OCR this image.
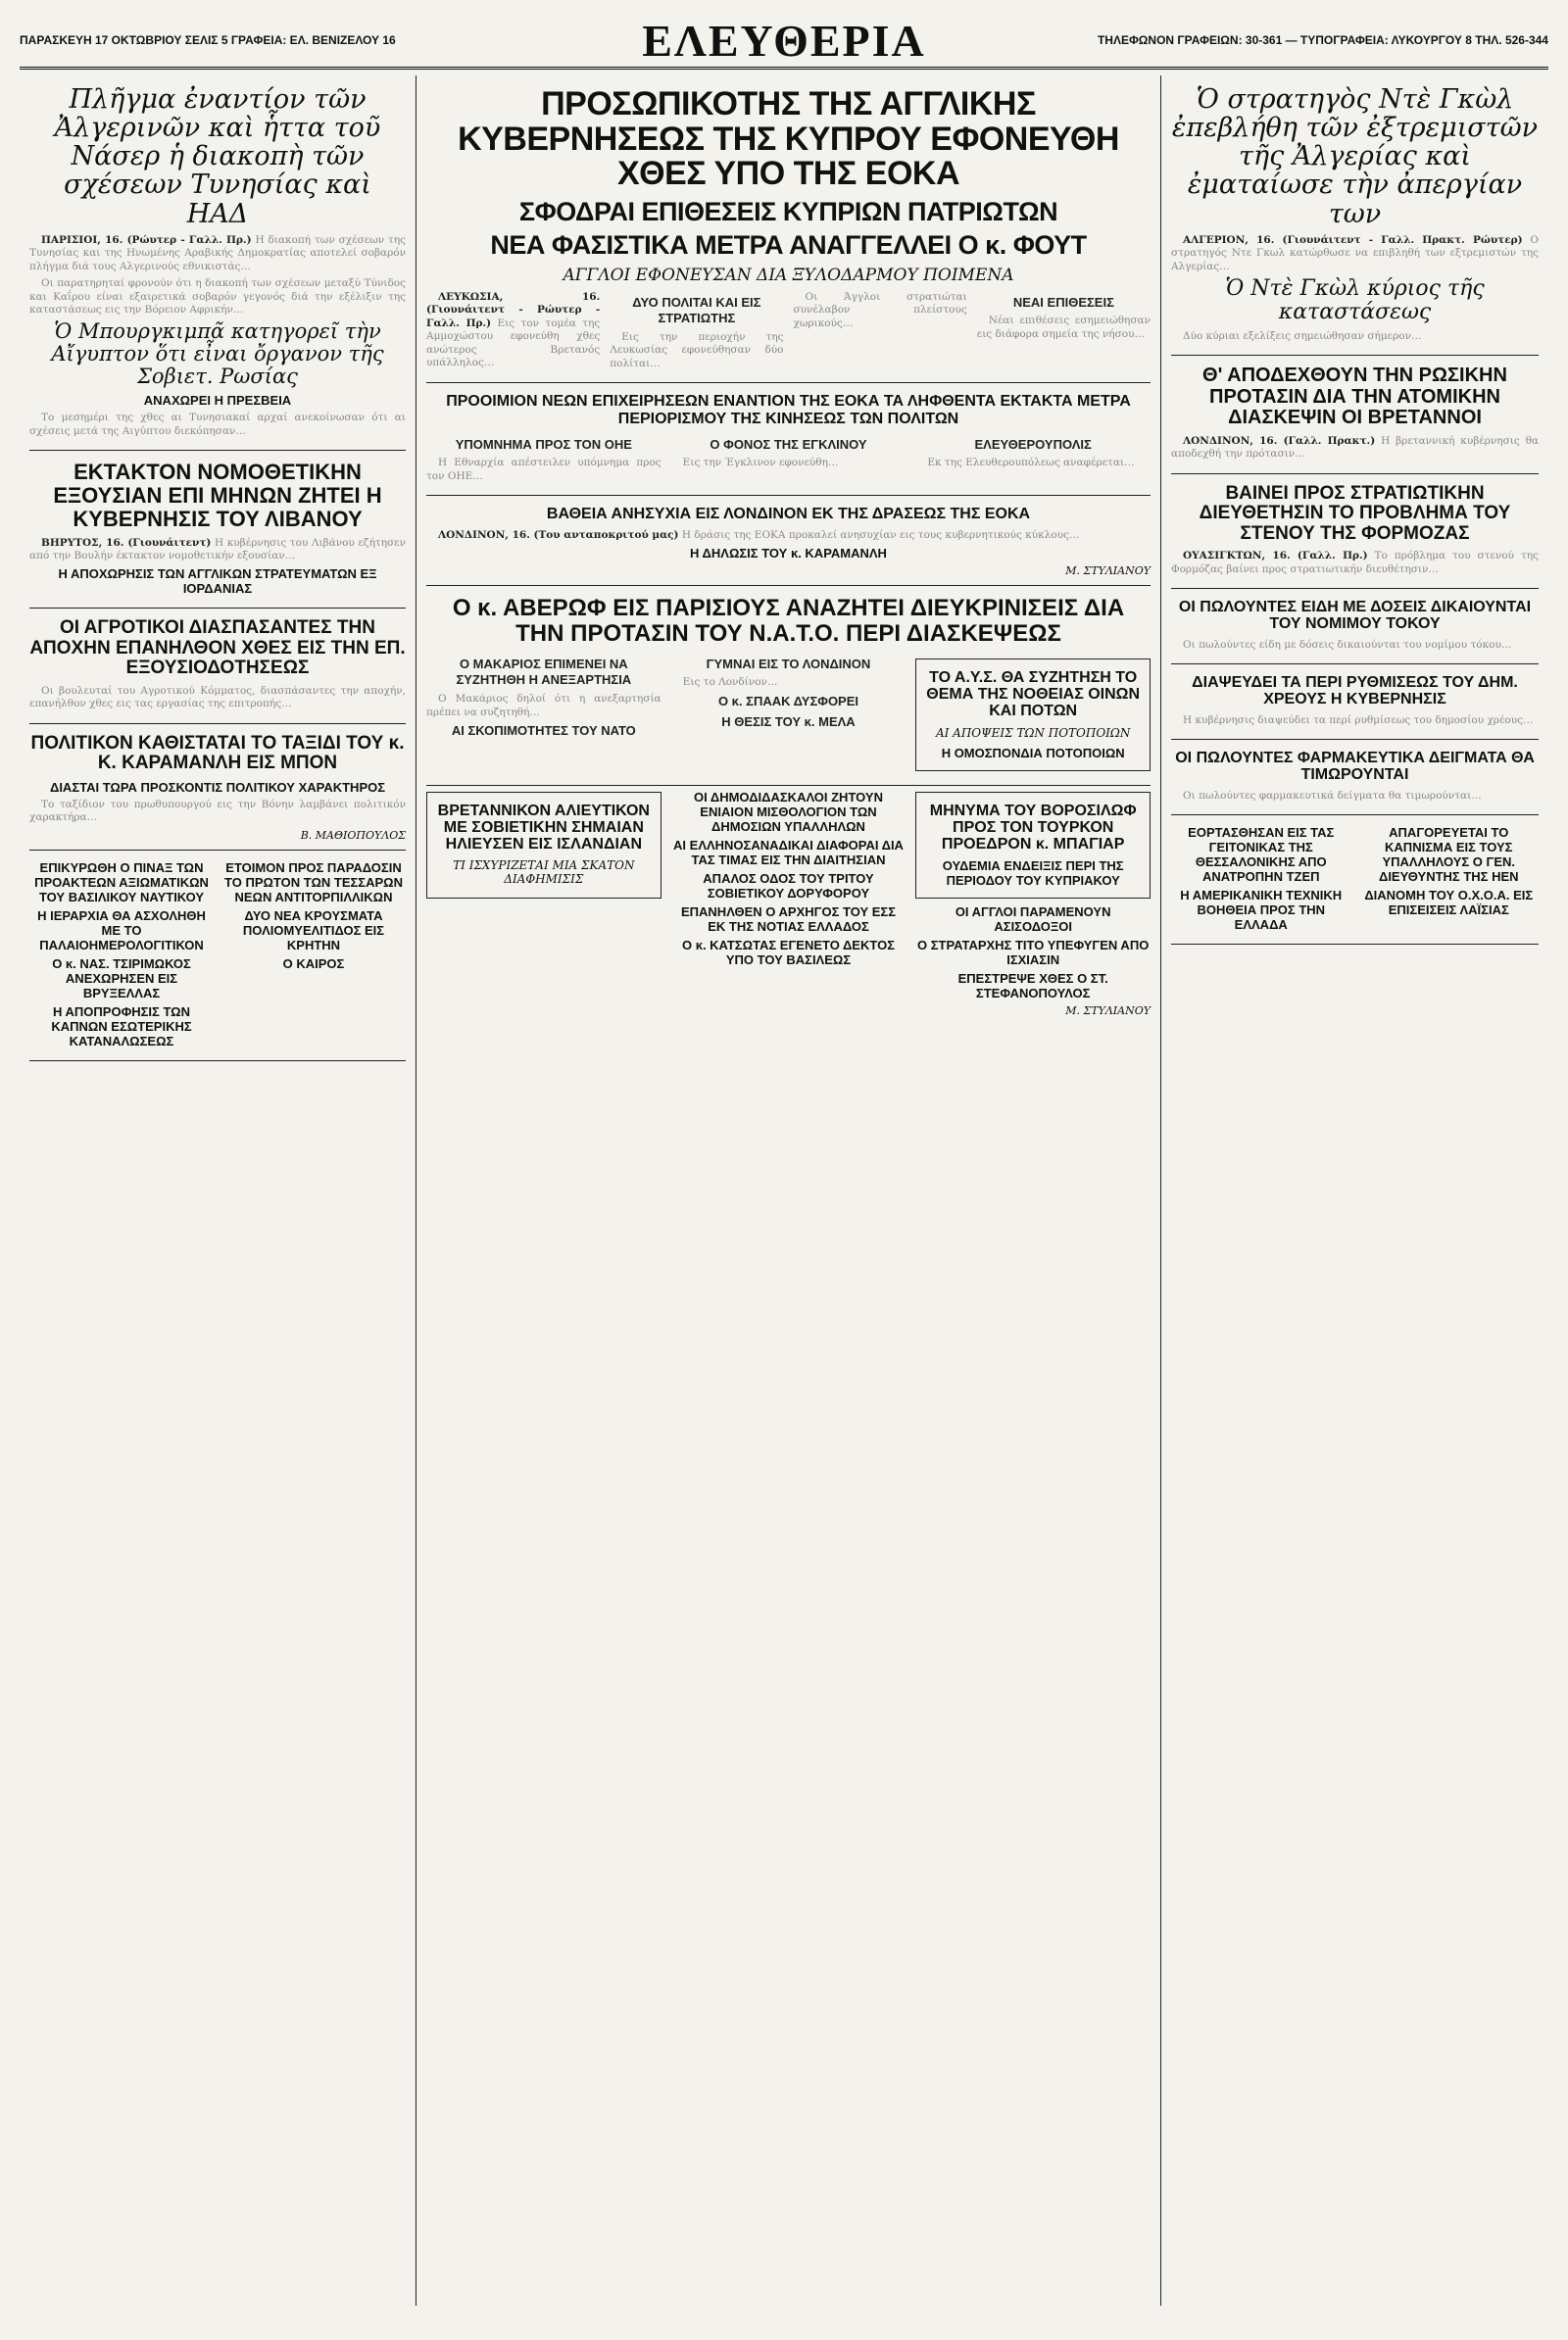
ΠΑΡΑΣΚΕΥΗ 17 ΟΚΤΩΒΡΙΟΥ ΣΕΛΙΣ 5 ΓΡΑΦΕΙΑ: ΕΛ. ΒΕΝΙΖΕΛΟΥ 16	ΕΛΕΥΘΕΡΙΑ	ΤΗΛΕΦΩΝΟΝ ΓΡΑΦΕΙΩΝ: 30-361 — ΤΥΠΟΓΡΑΦΕΙΑ: ΛΥΚΟΥΡΓΟΥ 8 ΤΗΛ. 526-344
Πλῆγμα ἐναντίον τῶν Ἀλγερινῶν καὶ ἧττα τοῦ Νάσερ ἡ διακοπὴ τῶν σχέσεων Τυνησίας καὶ ΗΑΔ

ΠΑΡΙΣΙΟΙ, 16. (Ρώυτερ - Γαλλ. Πρ.) Η διακοπή των σχέσεων της Τυνησίας και της Ηνωμένης Αραβικής Δημοκρατίας αποτελεί σοβαρόν πλήγμα διά τους Αλγερινούς εθνικιστάς…

Οι παρατηρηταί φρονούν ότι η διακοπή των σχέσεων μεταξύ Τύνιδος και Καΐρου είναι εξαιρετικά σοβαρόν γεγονός διά την εξέλιξιν της καταστάσεως εις την Βόρειον Αφρικήν…

Ὁ Μπουργκιμπᾶ κατηγορεῖ τὴν Αἴγυπτον ὅτι εἶναι ὄργανον τῆς Σοβιετ. Ρωσίας
ΑΝΑΧΩΡΕΙ Η ΠΡΕΣΒΕΙΑ

Το μεσημέρι της χθες αι Τυνησιακαί αρχαί ανεκοίνωσαν ότι αι σχέσεις μετά της Αιγύπτου διεκόπησαν…

ΕΚΤΑΚΤΟΝ ΝΟΜΟΘΕΤΙΚΗΝ ΕΞΟΥΣΙΑΝ ΕΠΙ ΜΗΝΩΝ ΖΗΤΕΙ Η ΚΥΒΕΡΝΗΣΙΣ ΤΟΥ ΛΙΒΑΝΟΥ

ΒΗΡΥΤΟΣ, 16. (Γιουνάιτεντ) Η κυβέρνησις του Λιβάνου εζήτησεν από την Βουλήν έκτακτον νομοθετικήν εξουσίαν…

Η ΑΠΟΧΩΡΗΣΙΣ ΤΩΝ ΑΓΓΛΙΚΩΝ ΣΤΡΑΤΕΥΜΑΤΩΝ ΕΞ ΙΟΡΔΑΝΙΑΣ
ΟΙ ΑΓΡΟΤΙΚΟΙ ΔΙΑΣΠΑΣΑΝΤΕΣ ΤΗΝ ΑΠΟΧΗΝ ΕΠΑΝΗΛΘΟΝ ΧΘΕΣ ΕΙΣ ΤΗΝ ΕΠ. ΕΞΟΥΣΙΟΔΟΤΗΣΕΩΣ

Οι βουλευταί του Αγροτικού Κόμματος, διασπάσαντες την αποχήν, επανήλθον χθες εις τας εργασίας της επιτροπής…

ΠΟΛΙΤΙΚΟΝ ΚΑΘΙΣΤΑΤΑΙ ΤΟ ΤΑΞΙΔΙ ΤΟΥ κ. Κ. ΚΑΡΑΜΑΝΛΗ ΕΙΣ ΜΠΟΝ
ΔΙΑΣΤΑΙ ΤΩΡΑ ΠΡΟΣΚΟΝΤΙΣ ΠΟΛΙΤΙΚΟΥ ΧΑΡΑΚΤΗΡΟΣ

Το ταξίδιον του πρωθυπουργού εις την Βόνην λαμβάνει πολιτικόν χαρακτήρα…

Β. ΜΑΘΙΟΠΟΥΛΟΣ
ΕΠΙΚΥΡΩΘΗ Ο ΠΙΝΑΞ ΤΩΝ ΠΡΟΑΚΤΕΩΝ ΑΞΙΩΜΑΤΙΚΩΝ ΤΟΥ ΒΑΣΙΛΙΚΟΥ ΝΑΥΤΙΚΟΥ
Η ΙΕΡΑΡΧΙΑ ΘΑ ΑΣΧΟΛΗΘΗ ΜΕ ΤΟ ΠΑΛΑΙΟΗΜΕΡΟΛΟΓΙΤΙΚΟΝ
Ο κ. ΝΑΣ. ΤΣΙΡΙΜΩΚΟΣ ΑΝΕΧΩΡΗΣΕΝ ΕΙΣ ΒΡΥΞΕΛΛΑΣ
Η ΑΠΟΠΡΟΦΗΣΙΣ ΤΩΝ ΚΑΠΝΩΝ ΕΣΩΤΕΡΙΚΗΣ ΚΑΤΑΝΑΛΩΣΕΩΣ
ΕΤΟΙΜΟΝ ΠΡΟΣ ΠΑΡΑΔΟΣΙΝ ΤΟ ΠΡΩΤΟΝ ΤΩΝ ΤΕΣΣΑΡΩΝ ΝΕΩΝ ΑΝΤΙΤΟΡΠΙΛΛΙΚΩΝ
ΔΥΟ ΝΕΑ ΚΡΟΥΣΜΑΤΑ ΠΟΛΙΟΜΥΕΛΙΤΙΔΟΣ ΕΙΣ ΚΡΗΤΗΝ
Ο ΚΑΙΡΟΣ
ΠΡΟΣΩΠΙΚΟΤΗΣ ΤΗΣ ΑΓΓΛΙΚΗΣ ΚΥΒΕΡΝΗΣΕΩΣ ΤΗΣ ΚΥΠΡΟΥ ΕΦΟΝΕΥΘΗ ΧΘΕΣ ΥΠΟ ΤΗΣ ΕΟΚΑ
ΣΦΟΔΡΑΙ ΕΠΙΘΕΣΕΙΣ ΚΥΠΡΙΩΝ ΠΑΤΡΙΩΤΩΝ
ΝΕΑ ΦΑΣΙΣΤΙΚΑ ΜΕΤΡΑ ΑΝΑΓΓΕΛΛΕΙ Ο κ. ΦΟΥΤ
ΑΓΓΛΟΙ ΕΦΟΝΕΥΣΑΝ ΔΙΑ ΞΥΛΟΔΑΡΜΟΥ ΠΟΙΜΕΝΑ

ΛΕΥΚΩΣΙΑ, 16. (Γιουνάιτεντ - Ρώυτερ - Γαλλ. Πρ.) Εις τον τομέα της Αμμοχώστου εφονεύθη χθες ανώτερος Βρετανός υπάλληλος…

ΔΥΟ ΠΟΛΙΤΑΙ ΚΑΙ ΕΙΣ ΣΤΡΑΤΙΩΤΗΣ

Εις την περιοχήν της Λευκωσίας εφονεύθησαν δύο πολίται…

Οι Άγγλοι στρατιώται συνέλαβον πλείστους χωρικούς…

ΝΕΑΙ ΕΠΙΘΕΣΕΙΣ

Νέαι επιθέσεις εσημειώθησαν εις διάφορα σημεία της νήσου…

ΠΡΟΟΙΜΙΟΝ ΝΕΩΝ ΕΠΙΧΕΙΡΗΣΕΩΝ ΕΝΑΝΤΙΟΝ ΤΗΣ ΕΟΚΑ ΤΑ ΛΗΦΘΕΝΤΑ ΕΚΤΑΚΤΑ ΜΕΤΡΑ ΠΕΡΙΟΡΙΣΜΟΥ ΤΗΣ ΚΙΝΗΣΕΩΣ ΤΩΝ ΠΟΛΙΤΩΝ
ΥΠΟΜΝΗΜΑ ΠΡΟΣ ΤΟΝ ΟΗΕ

Η Εθναρχία απέστειλεν υπόμνημα προς τον ΟΗΕ…

Ο ΦΟΝΟΣ ΤΗΣ ΕΓΚΛΙΝΟΥ

Εις την Έγκλινον εφονεύθη…

ΕΛΕΥΘΕΡΟΥΠΟΛΙΣ

Εκ της Ελευθερουπόλεως αναφέρεται…

ΒΑΘΕΙΑ ΑΝΗΣΥΧΙΑ ΕΙΣ ΛΟΝΔΙΝΟΝ ΕΚ ΤΗΣ ΔΡΑΣΕΩΣ ΤΗΣ ΕΟΚΑ

ΛΟΝΔΙΝΟΝ, 16. (Του ανταποκριτού μας) Η δράσις της ΕΟΚΑ προκαλεί ανησυχίαν εις τους κυβερνητικούς κύκλους…

Η ΔΗΛΩΣΙΣ ΤΟΥ κ. ΚΑΡΑΜΑΝΛΗ
Μ. ΣΤΥΛΙΑΝΟΥ
Ο κ. ΑΒΕΡΩΦ ΕΙΣ ΠΑΡΙΣΙΟΥΣ ΑΝΑΖΗΤΕΙ ΔΙΕΥΚΡΙΝΙΣΕΙΣ ΔΙΑ ΤΗΝ ΠΡΟΤΑΣΙΝ ΤΟΥ Ν.Α.Τ.Ο. ΠΕΡΙ ΔΙΑΣΚΕΨΕΩΣ
Ο ΜΑΚΑΡΙΟΣ ΕΠΙΜΕΝΕΙ ΝΑ ΣΥΖΗΤΗΘΗ Η ΑΝΕΞΑΡΤΗΣΙΑ

Ο Μακάριος δηλοί ότι η ανεξαρτησία πρέπει να συζητηθή…

ΑΙ ΣΚΟΠΙΜΟΤΗΤΕΣ ΤΟΥ ΝΑΤΟ
ΓΥΜΝΑΙ ΕΙΣ ΤΟ ΛΟΝΔΙΝΟΝ

Εις το Λονδίνον…

Ο κ. ΣΠΑΑΚ ΔΥΣΦΟΡΕΙ
Η ΘΕΣΙΣ ΤΟΥ κ. ΜΕΛΑ
ΤΟ Α.Υ.Σ. ΘΑ ΣΥΖΗΤΗΣΗ ΤΟ ΘΕΜΑ ΤΗΣ ΝΟΘΕΙΑΣ ΟΙΝΩΝ ΚΑΙ ΠΟΤΩΝ
ΑΙ ΑΠΟΨΕΙΣ ΤΩΝ ΠΟΤΟΠΟΙΩΝ
Η ΟΜΟΣΠΟΝΔΙΑ ΠΟΤΟΠΟΙΩΝ
ΒΡΕΤΑΝΝΙΚΟΝ ΑΛΙΕΥΤΙΚΟΝ ΜΕ ΣΟΒΙΕΤΙΚΗΝ ΣΗΜΑΙΑΝ ΗΛΙΕΥΣΕΝ ΕΙΣ ΙΣΛΑΝΔΙΑΝ
ΤΙ ΙΣΧΥΡΙΖΕΤΑΙ ΜΙΑ ΣΚΑΤΟΝ ΔΙΑΦΗΜΙΣΙΣ
ΟΙ ΔΗΜΟΔΙΔΑΣΚΑΛΟΙ ΖΗΤΟΥΝ ΕΝΙΑΙΟΝ ΜΙΣΘΟΛΟΓΙΟΝ ΤΩΝ ΔΗΜΟΣΙΩΝ ΥΠΑΛΛΗΛΩΝ
ΑΙ ΕΛΛΗΝΟΣΑΝΑΔΙΚΑΙ ΔΙΑΦΟΡΑΙ ΔΙΑ ΤΑΣ ΤΙΜΑΣ ΕΙΣ ΤΗΝ ΔΙΑΙΤΗΣΙΑΝ
ΑΠΑΛΟΣ ΟΔΟΣ ΤΟΥ ΤΡΙΤΟΥ ΣΟΒΙΕΤΙΚΟΥ ΔΟΡΥΦΟΡΟΥ
ΕΠΑΝΗΛΘΕΝ Ο ΑΡΧΗΓΟΣ ΤΟΥ ΕΣΣ ΕΚ ΤΗΣ ΝΟΤΙΑΣ ΕΛΛΑΔΟΣ
Ο κ. ΚΑΤΣΩΤΑΣ ΕΓΕΝΕΤΟ ΔΕΚΤΟΣ ΥΠΟ ΤΟΥ ΒΑΣΙΛΕΩΣ
ΜΗΝΥΜΑ ΤΟΥ ΒΟΡΟΣΙΛΩΦ ΠΡΟΣ ΤΟΝ ΤΟΥΡΚΟΝ ΠΡΟΕΔΡΟΝ κ. ΜΠΑΓΙΑΡ
ΟΥΔΕΜΙΑ ΕΝΔΕΙΞΙΣ ΠΕΡΙ ΤΗΣ ΠΕΡΙΟΔΟΥ ΤΟΥ ΚΥΠΡΙΑΚΟΥ
ΟΙ ΑΓΓΛΟΙ ΠΑΡΑΜΕΝΟΥΝ ΑΣΙΣΟΔΟΞΟΙ
Ο ΣΤΡΑΤΑΡΧΗΣ ΤΙΤΟ ΥΠΕΦΥΓΕΝ ΑΠΟ ΙΣΧΙΑΣΙΝ
ΕΠΕΣΤΡΕΨΕ ΧΘΕΣ Ο ΣΤ. ΣΤΕΦΑΝΟΠΟΥΛΟΣ
Μ. ΣΤΥΛΙΑΝΟΥ
Ὁ στρατηγὸς Ντὲ Γκὼλ ἐπεβλήθη τῶν ἐξτρεμιστῶν τῆς Ἀλγερίας καὶ ἐματαίωσε τὴν ἀπεργίαν των

ΑΛΓΕΡΙΟΝ, 16. (Γιουνάιτεντ - Γαλλ. Πρακτ. Ρώυτερ) Ο στρατηγός Ντε Γκωλ κατώρθωσε να επιβληθή των εξτρεμιστών της Αλγερίας…

Ὁ Ντὲ Γκὼλ κύριος τῆς καταστάσεως

Δύο κύριαι εξελίξεις σημειώθησαν σήμερον…

Θ' ΑΠΟΔΕΧΘΟΥΝ ΤΗΝ ΡΩΣΙΚΗΝ ΠΡΟΤΑΣΙΝ ΔΙΑ ΤΗΝ ΑΤΟΜΙΚΗΝ ΔΙΑΣΚΕΨΙΝ ΟΙ ΒΡΕΤΑΝΝΟΙ

ΛΟΝΔΙΝΟΝ, 16. (Γαλλ. Πρακτ.) Η βρεταννική κυβέρνησις θα αποδεχθή την πρότασιν…

ΒΑΙΝΕΙ ΠΡΟΣ ΣΤΡΑΤΙΩΤΙΚΗΝ ΔΙΕΥΘΕΤΗΣΙΝ ΤΟ ΠΡΟΒΛΗΜΑ ΤΟΥ ΣΤΕΝΟΥ ΤΗΣ ΦΟΡΜΟΖΑΣ

ΟΥΑΣΙΓΚΤΩΝ, 16. (Γαλλ. Πρ.) Το πρόβλημα του στενού της Φορμόζας βαίνει προς στρατιωτικήν διευθέτησιν…

ΟΙ ΠΩΛΟΥΝΤΕΣ ΕΙΔΗ ΜΕ ΔΟΣΕΙΣ ΔΙΚΑΙΟΥΝΤΑΙ ΤΟΥ ΝΟΜΙΜΟΥ ΤΟΚΟΥ

Οι πωλούντες είδη με δόσεις δικαιούνται του νομίμου τόκου…

ΔΙΑΨΕΥΔΕΙ ΤΑ ΠΕΡΙ ΡΥΘΜΙΣΕΩΣ ΤΟΥ ΔΗΜ. ΧΡΕΟΥΣ Η ΚΥΒΕΡΝΗΣΙΣ

Η κυβέρνησις διαψεύδει τα περί ρυθμίσεως του δημοσίου χρέους…

ΟΙ ΠΩΛΟΥΝΤΕΣ ΦΑΡΜΑΚΕΥΤΙΚΑ ΔΕΙΓΜΑΤΑ ΘΑ ΤΙΜΩΡΟΥΝΤΑΙ

Οι πωλούντες φαρμακευτικά δείγματα θα τιμωρούνται…

ΕΟΡΤΑΣΘΗΣΑΝ ΕΙΣ ΤΑΣ ΓΕΙΤΟΝΙΚΑΣ ΤΗΣ ΘΕΣΣΑΛΟΝΙΚΗΣ ΑΠΟ ΑΝΑΤΡΟΠΗΝ ΤΖΕΠ
Η ΑΜΕΡΙΚΑΝΙΚΗ ΤΕΧΝΙΚΗ ΒΟΗΘΕΙΑ ΠΡΟΣ ΤΗΝ ΕΛΛΑΔΑ
ΑΠΑΓΟΡΕΥΕΤΑΙ ΤΟ ΚΑΠΝΙΣΜΑ ΕΙΣ ΤΟΥΣ ΥΠΑΛΛΗΛΟΥΣ Ο ΓΕΝ. ΔΙΕΥΘΥΝΤΗΣ ΤΗΣ ΗΕΝ
ΔΙΑΝΟΜΗ ΤΟΥ Ο.Χ.Ο.Α. ΕΙΣ ΕΠΙΣΕΙΣΕΙΣ ΛΑΪΣΙΑΣ
